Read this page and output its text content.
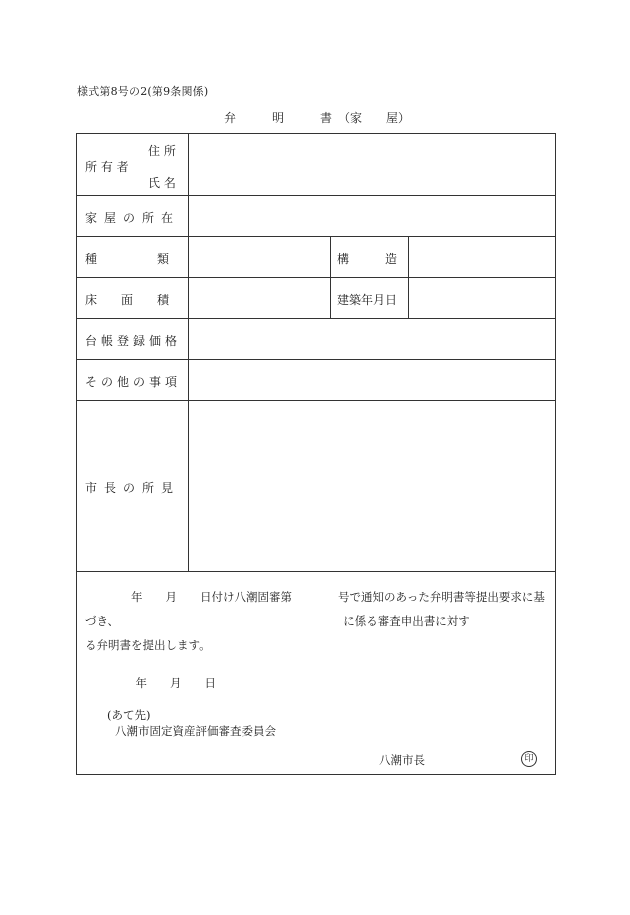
様式第8号の2(第9条関係)
弁　　　明　　　書　（家　　屋）
所 有 者
住 所
氏 名
家屋の所在
種　　　　　類	構　　　造
床　　面　　積	建築年月日
台帳登録価格
その他の事項
市長の所見
　　　　年　　月　　日付け八潮固審第　　　　号で通知のあった弁明書等提出要求に基
づき、　　　　　　　　　　　　　　　　　　　　に係る審査申出書に対す
る弁明書を提出します。
　　　年　　月　　日
(あて先)
八潮市固定資産評価審査委員会
八潮市長	印
